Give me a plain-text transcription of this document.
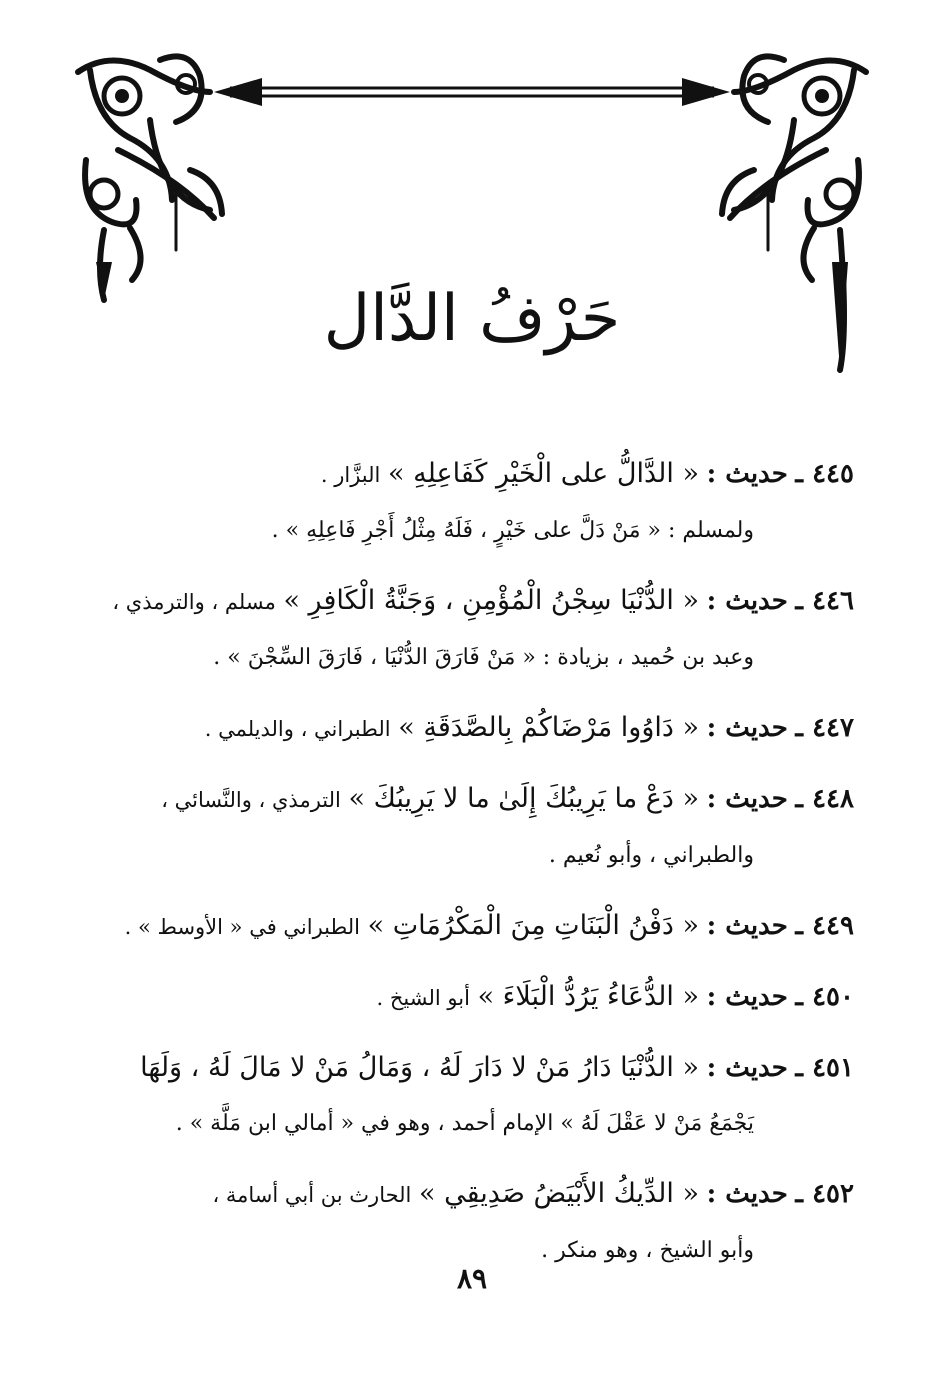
حَرْفُ الدَّال
٤٤٥ ـ حديث : « الدَّالُّ على الْخَيْرِ كَفَاعِلِهِ » البزَّار .
ولمسلم : « مَنْ دَلَّ على خَيْرٍ ، فَلَهُ مِثْلُ أَجْرِ فَاعِلِهِ » .
٤٤٦ ـ حديث : « الدُّنْيَا سِجْنُ الْمُؤْمِنِ ، وَجَنَّةُ الْكَافِرِ » مسلم ، والترمذي ،
وعبد بن حُميد ، بزيادة : « مَنْ فَارَقَ الدُّنْيَا ، فَارَقَ السِّجْنَ » .
٤٤٧ ـ حديث : « دَاوُوا مَرْضَاكُمْ بِالصَّدَقَةِ » الطبراني ، والديلمي .
٤٤٨ ـ حديث : « دَعْ ما يَرِيبُكَ إِلَىٰ ما لا يَرِيبُكَ » الترمذي ، والنَّسائي ،
والطبراني ، وأبو نُعيم .
٤٤٩ ـ حديث : « دَفْنُ الْبَنَاتِ مِنَ الْمَكْرُمَاتِ » الطبراني في « الأوسط » .
٤٥٠ ـ حديث : « الدُّعَاءُ يَرُدُّ الْبَلَاءَ » أبو الشيخ .
٤٥١ ـ حديث : « الدُّنْيَا دَارُ مَنْ لا دَارَ لَهُ ، وَمَالُ مَنْ لا مَالَ لَهُ ، وَلَهَا
يَجْمَعُ مَنْ لا عَقْلَ لَهُ » الإمام أحمد ، وهو في « أمالي ابن مَلَّة » .
٤٥٢ ـ حديث : « الدِّيكُ الأَبْيَضُ صَدِيقِي » الحارث بن أبي أسامة ،
وأبو الشيخ ، وهو منكر .
٨٩
